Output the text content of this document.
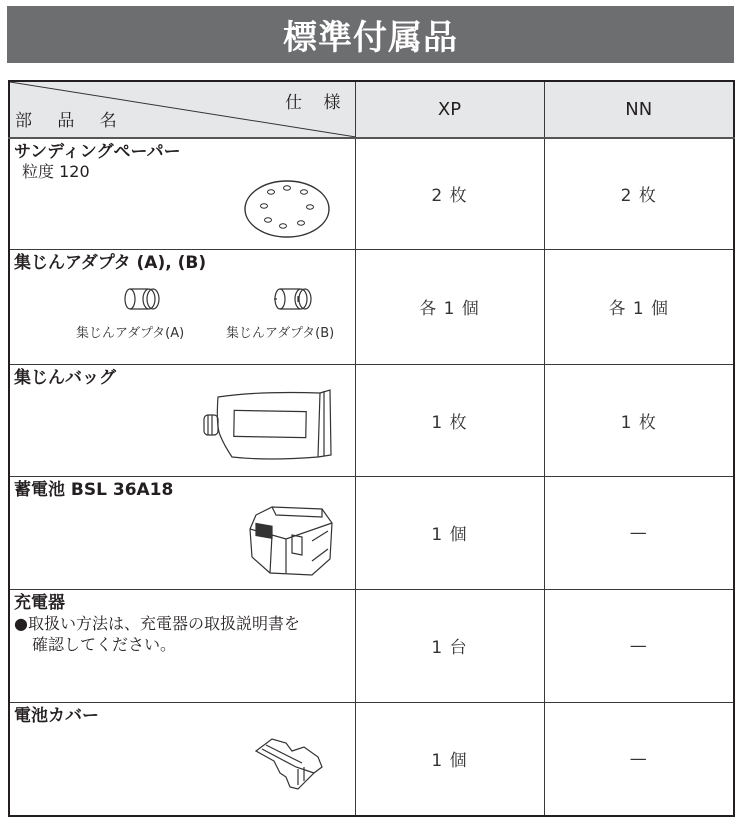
標準付属品
仕 様
部 品 名	XP	NN

サンディングペーパー
粒度 120	2 枚	2 枚

集じんアダプタ (A), (B)
集じんアダプタ(A) 集じんアダプタ(B)	各 1 個	各 1 個

集じんバッグ	1 枚	1 枚

蓄電池 BSL 36A18	1 個	—

充電器
●取扱い方法は、充電器の取扱説明書を
確認してください。	1 台	—

電池カバー	1 個	—
